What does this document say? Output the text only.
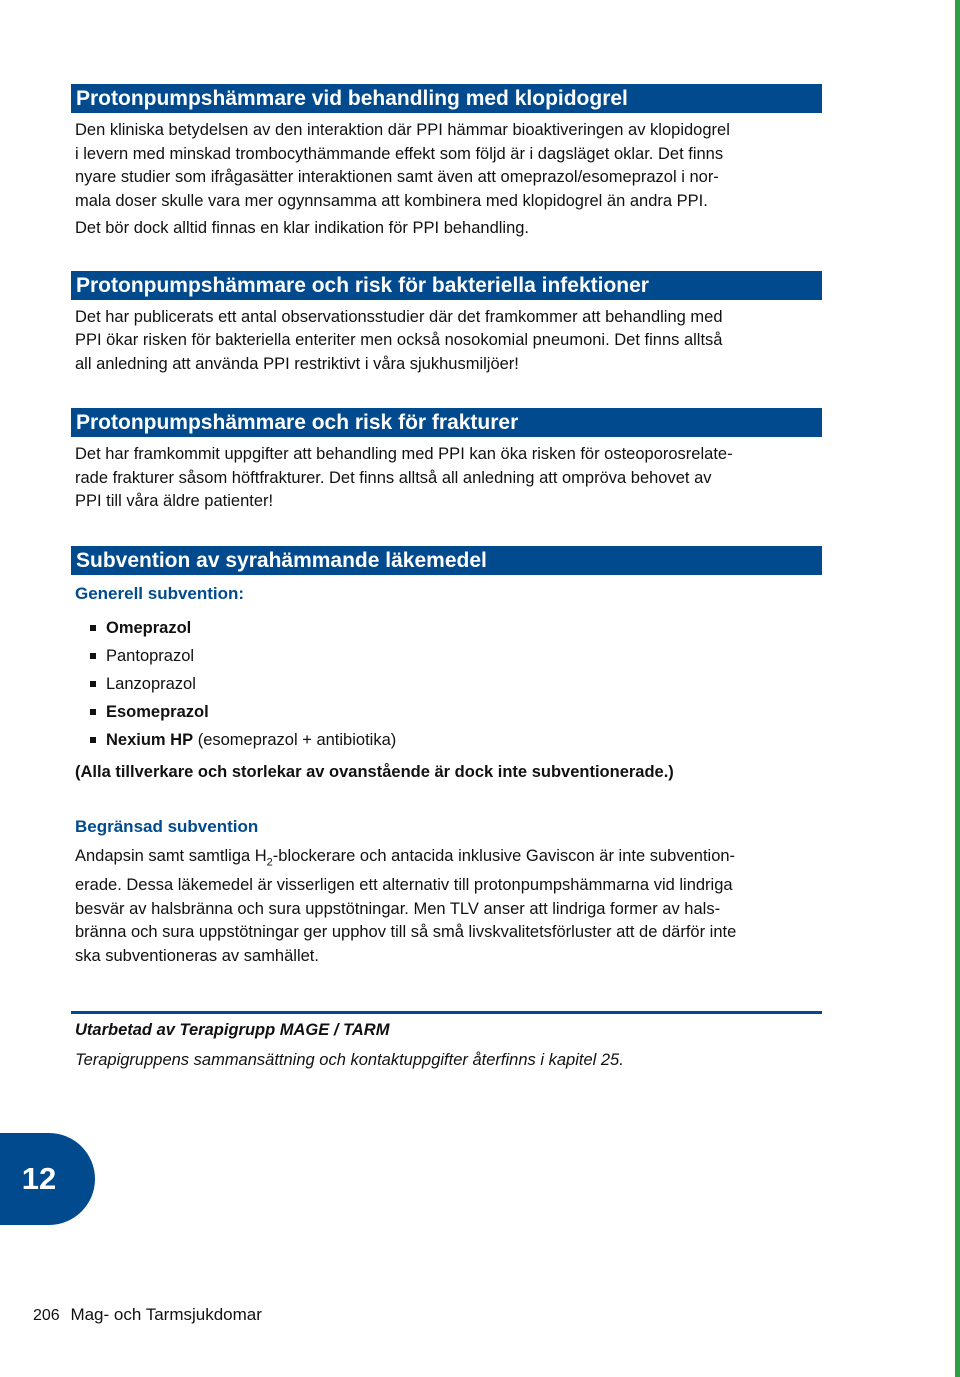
Protonpumpshämmare vid behandling med klopidogrel

Den kliniska betydelsen av den interaktion där PPI hämmar bioaktiveringen av klopidogrel

i levern med minskad trombocythämmande effekt som följd är i dagsläget oklar. Det finns

nyare studier som ifrågasätter interaktionen samt även att omeprazol/esomeprazol i nor-

mala doser skulle vara mer ogynnsamma att kombinera med klopidogrel än andra PPI.

Det bör dock alltid finnas en klar indikation för PPI behandling.

Protonpumpshämmare och risk för bakteriella infektioner

Det har publicerats ett antal observationsstudier där det framkommer att behandling med

PPI ökar risken för bakteriella enteriter men också nosokomial pneumoni. Det finns alltså

all anledning att använda PPI restriktivt i våra sjukhusmiljöer!

Protonpumpshämmare och risk för frakturer

Det har framkommit uppgifter att behandling med PPI kan öka risken för osteoporosrelate-

rade frakturer såsom höftfrakturer. Det finns alltså all anledning att ompröva behovet av

PPI till våra äldre patienter!

Subvention av syrahämmande läkemedel
Generell subvention:
Omeprazol
Pantoprazol
Lanzoprazol
Esomeprazol
Nexium HP (esomeprazol + antibiotika)
(Alla tillverkare och storlekar av ovanstående är dock inte subventionerade.)
Begränsad subvention

Andapsin samt samtliga $H_2$-blockerare och antacida inklusive Gaviscon är inte subvention-

erade. Dessa läkemedel är visserligen ett alternativ till protonpumpshämmarna vid lindriga

besvär av halsbränna och sura uppstötningar. Men TLV anser att lindriga former av hals-

bränna och sura uppstötningar ger upphov till så små livskvalitetsförluster att de därför inte

ska subventioneras av samhället.

Utarbetad av Terapigrupp MAGE / TARM
Terapigruppens sammansättning och kontaktuppgifter återfinns i kapitel 25.
12
206 Mag- och Tarmsjukdomar
